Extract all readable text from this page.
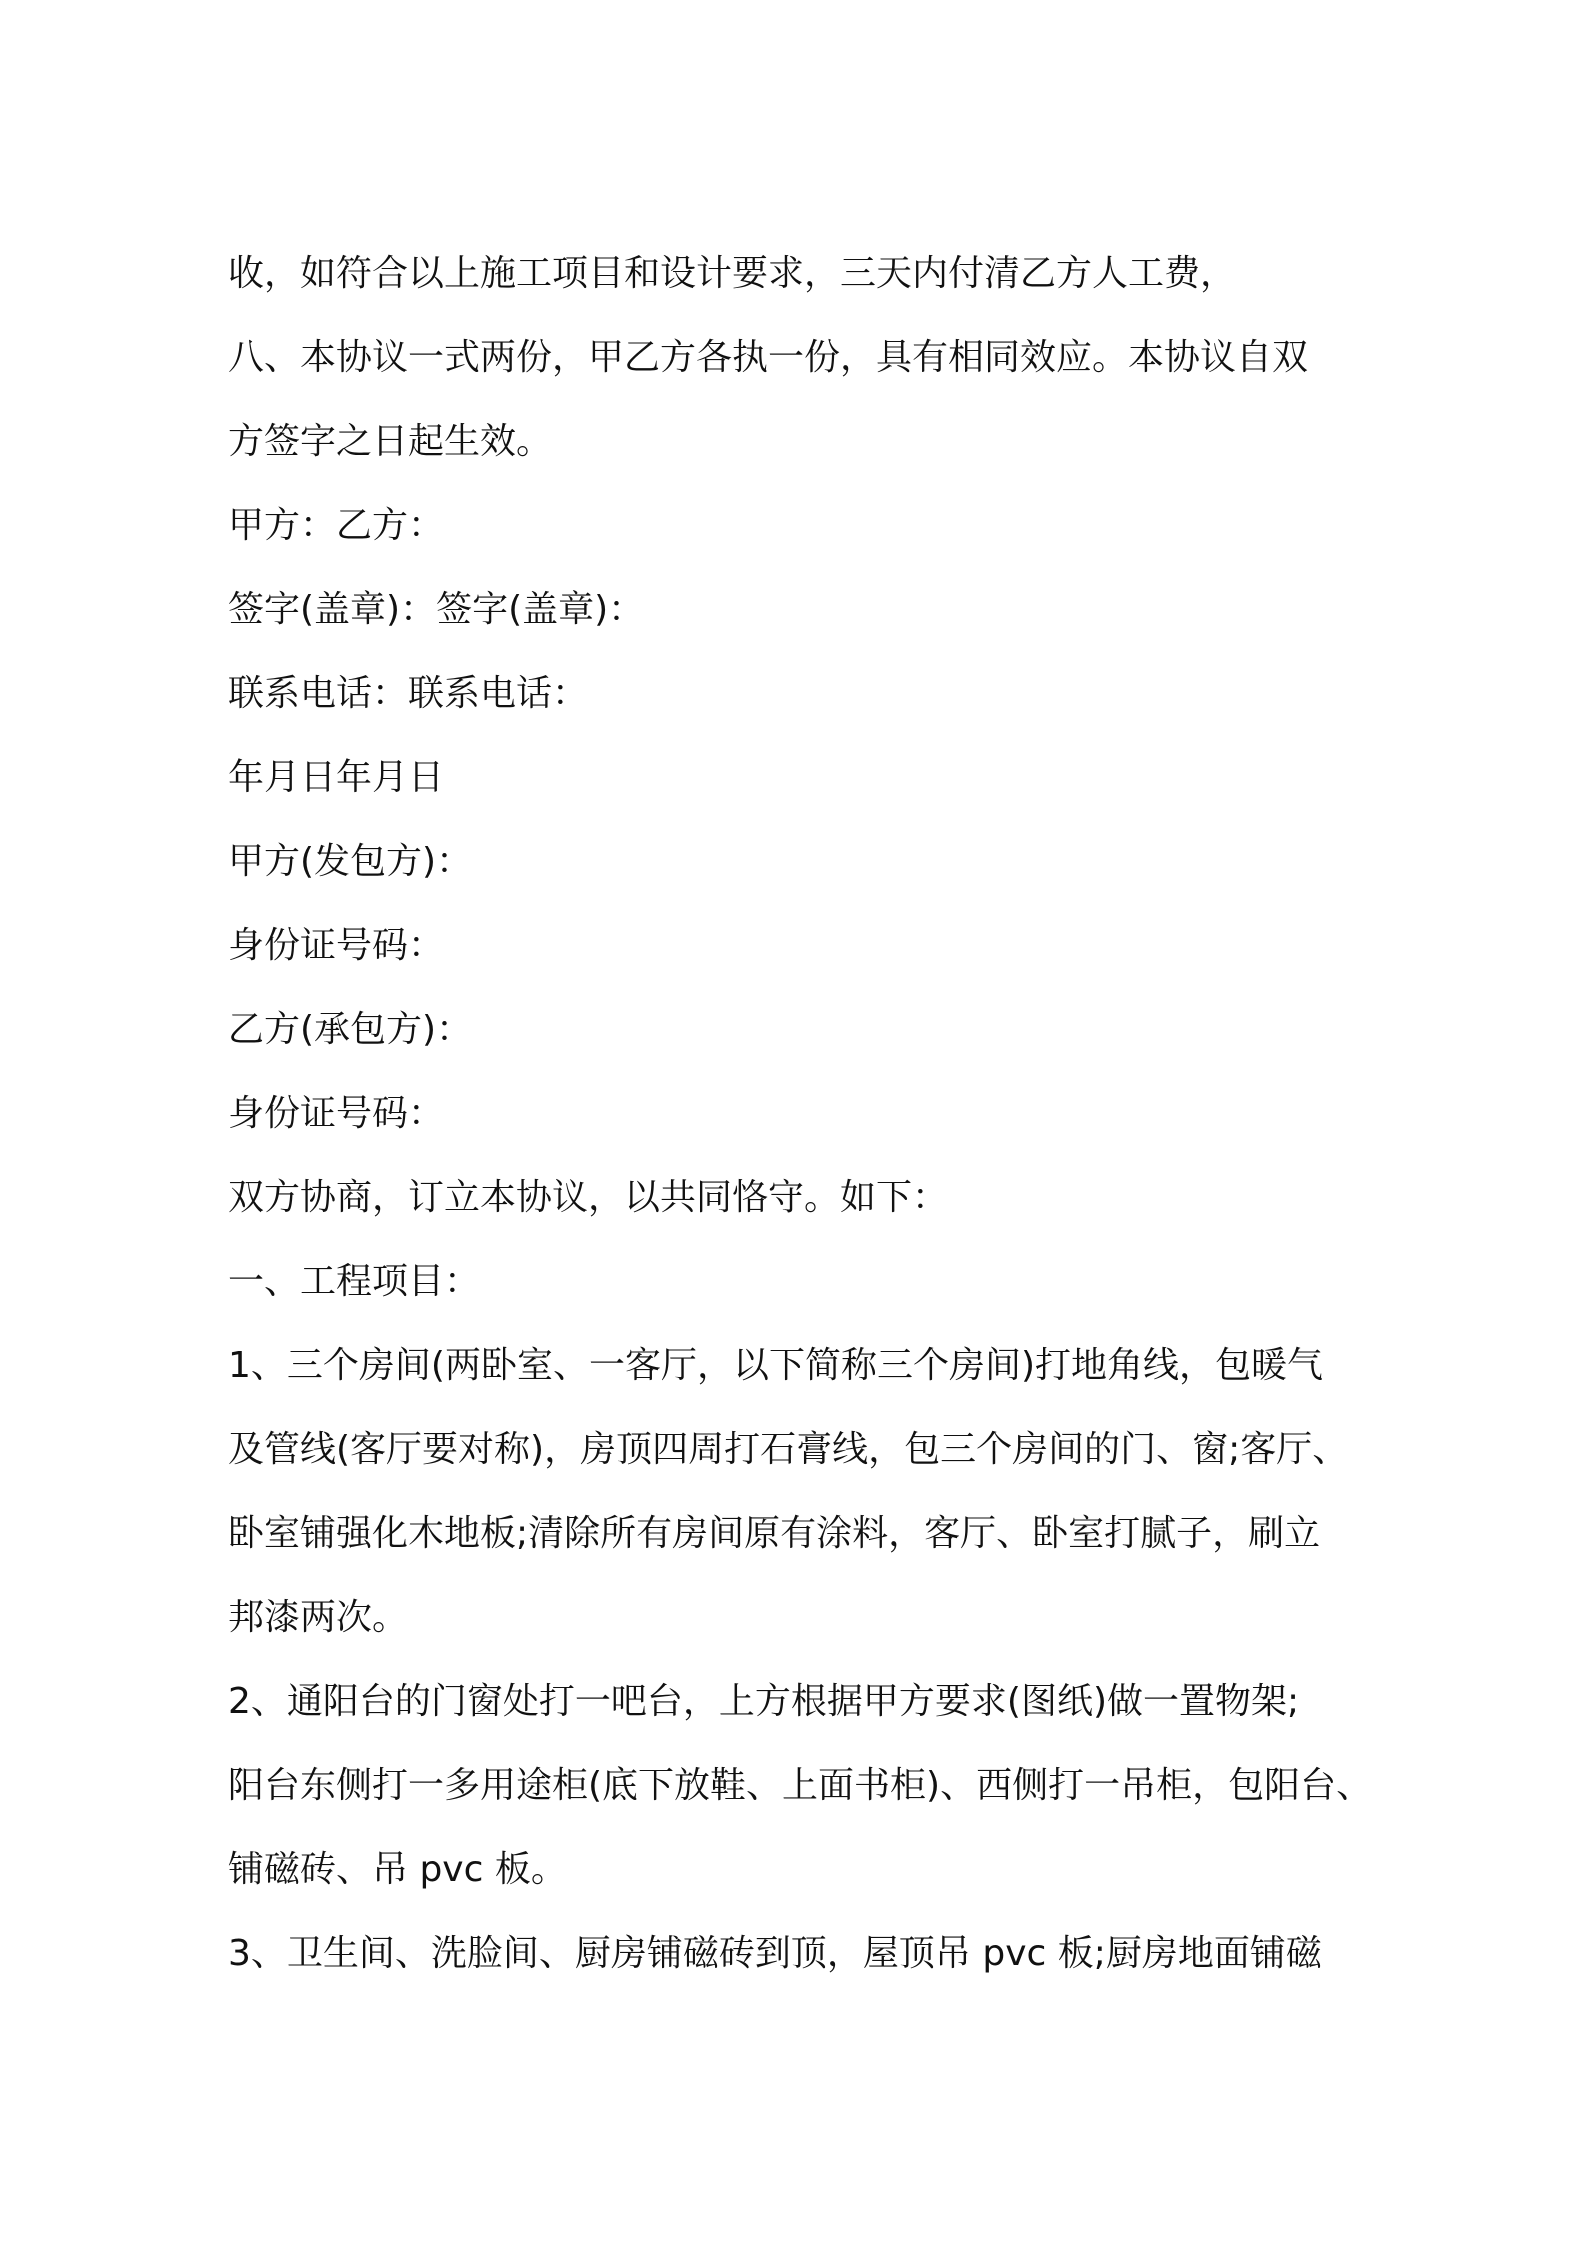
收，如符合以上施工项目和设计要求，三天内付清乙方人工费，

八、本协议一式两份，甲乙方各执一份，具有相同效应。本协议自双

方签字之日起生效。

甲方：乙方：

签字(盖章)：签字(盖章)：

联系电话：联系电话：

年月日年月日

甲方(发包方)：

身份证号码：

乙方(承包方)：

身份证号码：

双方协商，订立本协议，以共同恪守。如下：

一、工程项目：

1、三个房间(两卧室、一客厅，以下简称三个房间)打地角线，包暖气

及管线(客厅要对称)，房顶四周打石膏线，包三个房间的门、窗;客厅、

卧室铺强化木地板;清除所有房间原有涂料，客厅、卧室打腻子，刷立

邦漆两次。

2、通阳台的门窗处打一吧台，上方根据甲方要求(图纸)做一置物架;

阳台东侧打一多用途柜(底下放鞋、上面书柜)、西侧打一吊柜，包阳台、

铺磁砖、吊 pvc 板。

3、卫生间、洗脸间、厨房铺磁砖到顶，屋顶吊 pvc 板;厨房地面铺磁
